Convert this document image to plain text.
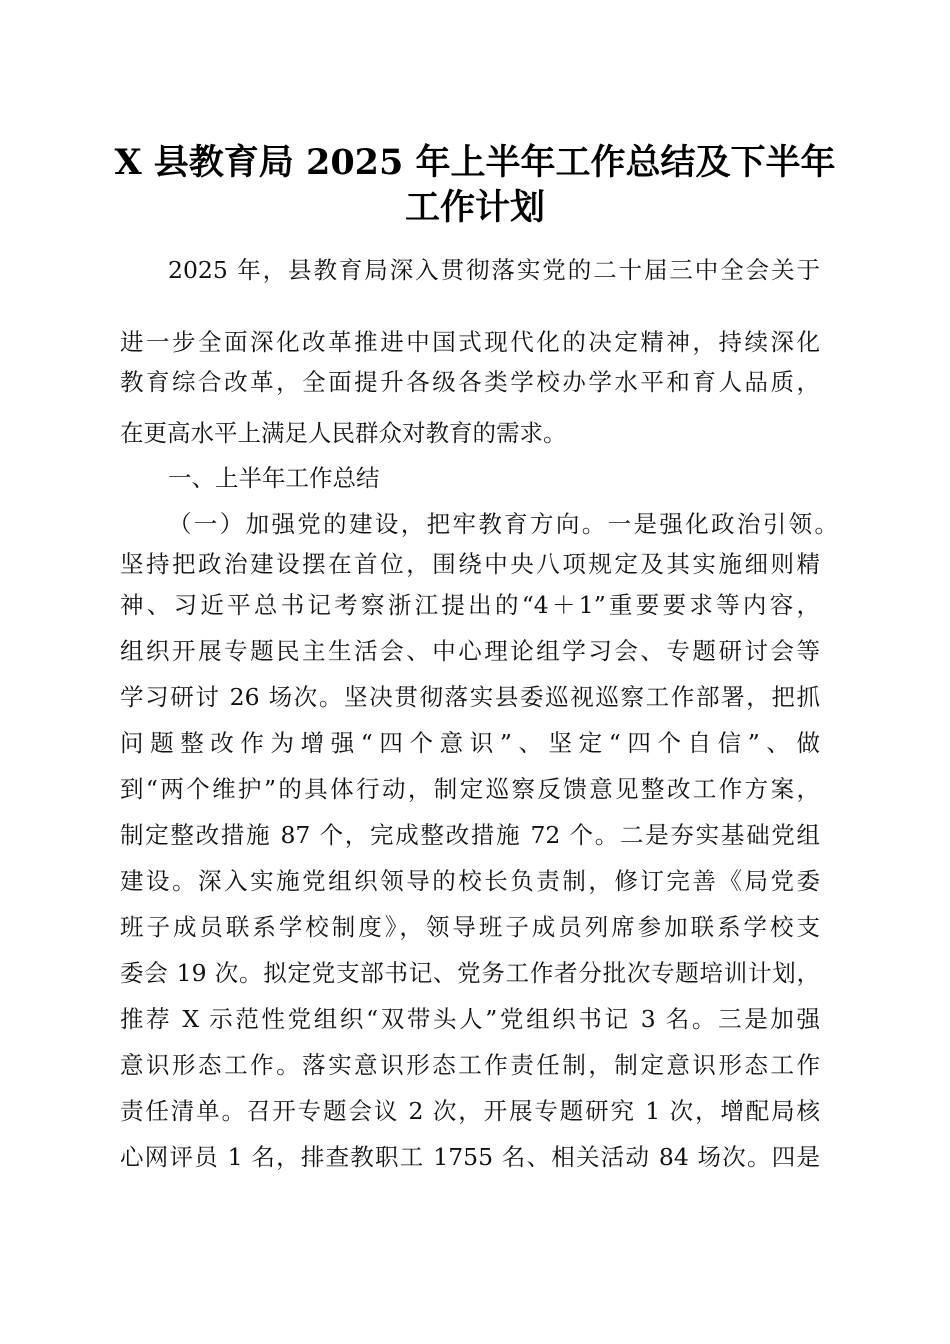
X 县教育局 2025 年上半年工作总结及下半年
工作计划
2025 年，县教育局深入贯彻落实党的二十届三中全会关于
进一步全面深化改革推进中国式现代化的决定精神，持续深化
教育综合改革，全面提升各级各类学校办学水平和育人品质，
在更高水平上满足人民群众对教育的需求。
一、上半年工作总结
（一）加强党的建设，把牢教育方向。一是强化政治引领。
坚持把政治建设摆在首位，围绕中央八项规定及其实施细则精
神、习近平总书记考察浙江提出的“4＋1”重要要求等内容，
组织开展专题民主生活会、中心理论组学习会、专题研讨会等
学习研讨 26 场次。坚决贯彻落实县委巡视巡察工作部署，把抓
问题整改作为增强“四个意识”、坚定“四个自信”、做
到“两个维护”的具体行动，制定巡察反馈意见整改工作方案，
制定整改措施 87 个，完成整改措施 72 个。二是夯实基础党组
建设。深入实施党组织领导的校长负责制，修订完善《局党委
班子成员联系学校制度》，领导班子成员列席参加联系学校支
委会 19 次。拟定党支部书记、党务工作者分批次专题培训计划，
推荐 X 示范性党组织“双带头人”党组织书记 3 名。三是加强
意识形态工作。落实意识形态工作责任制，制定意识形态工作
责任清单。召开专题会议 2 次，开展专题研究 1 次，增配局核
心网评员 1 名，排查教职工 1755 名、相关活动 84 场次。四是
